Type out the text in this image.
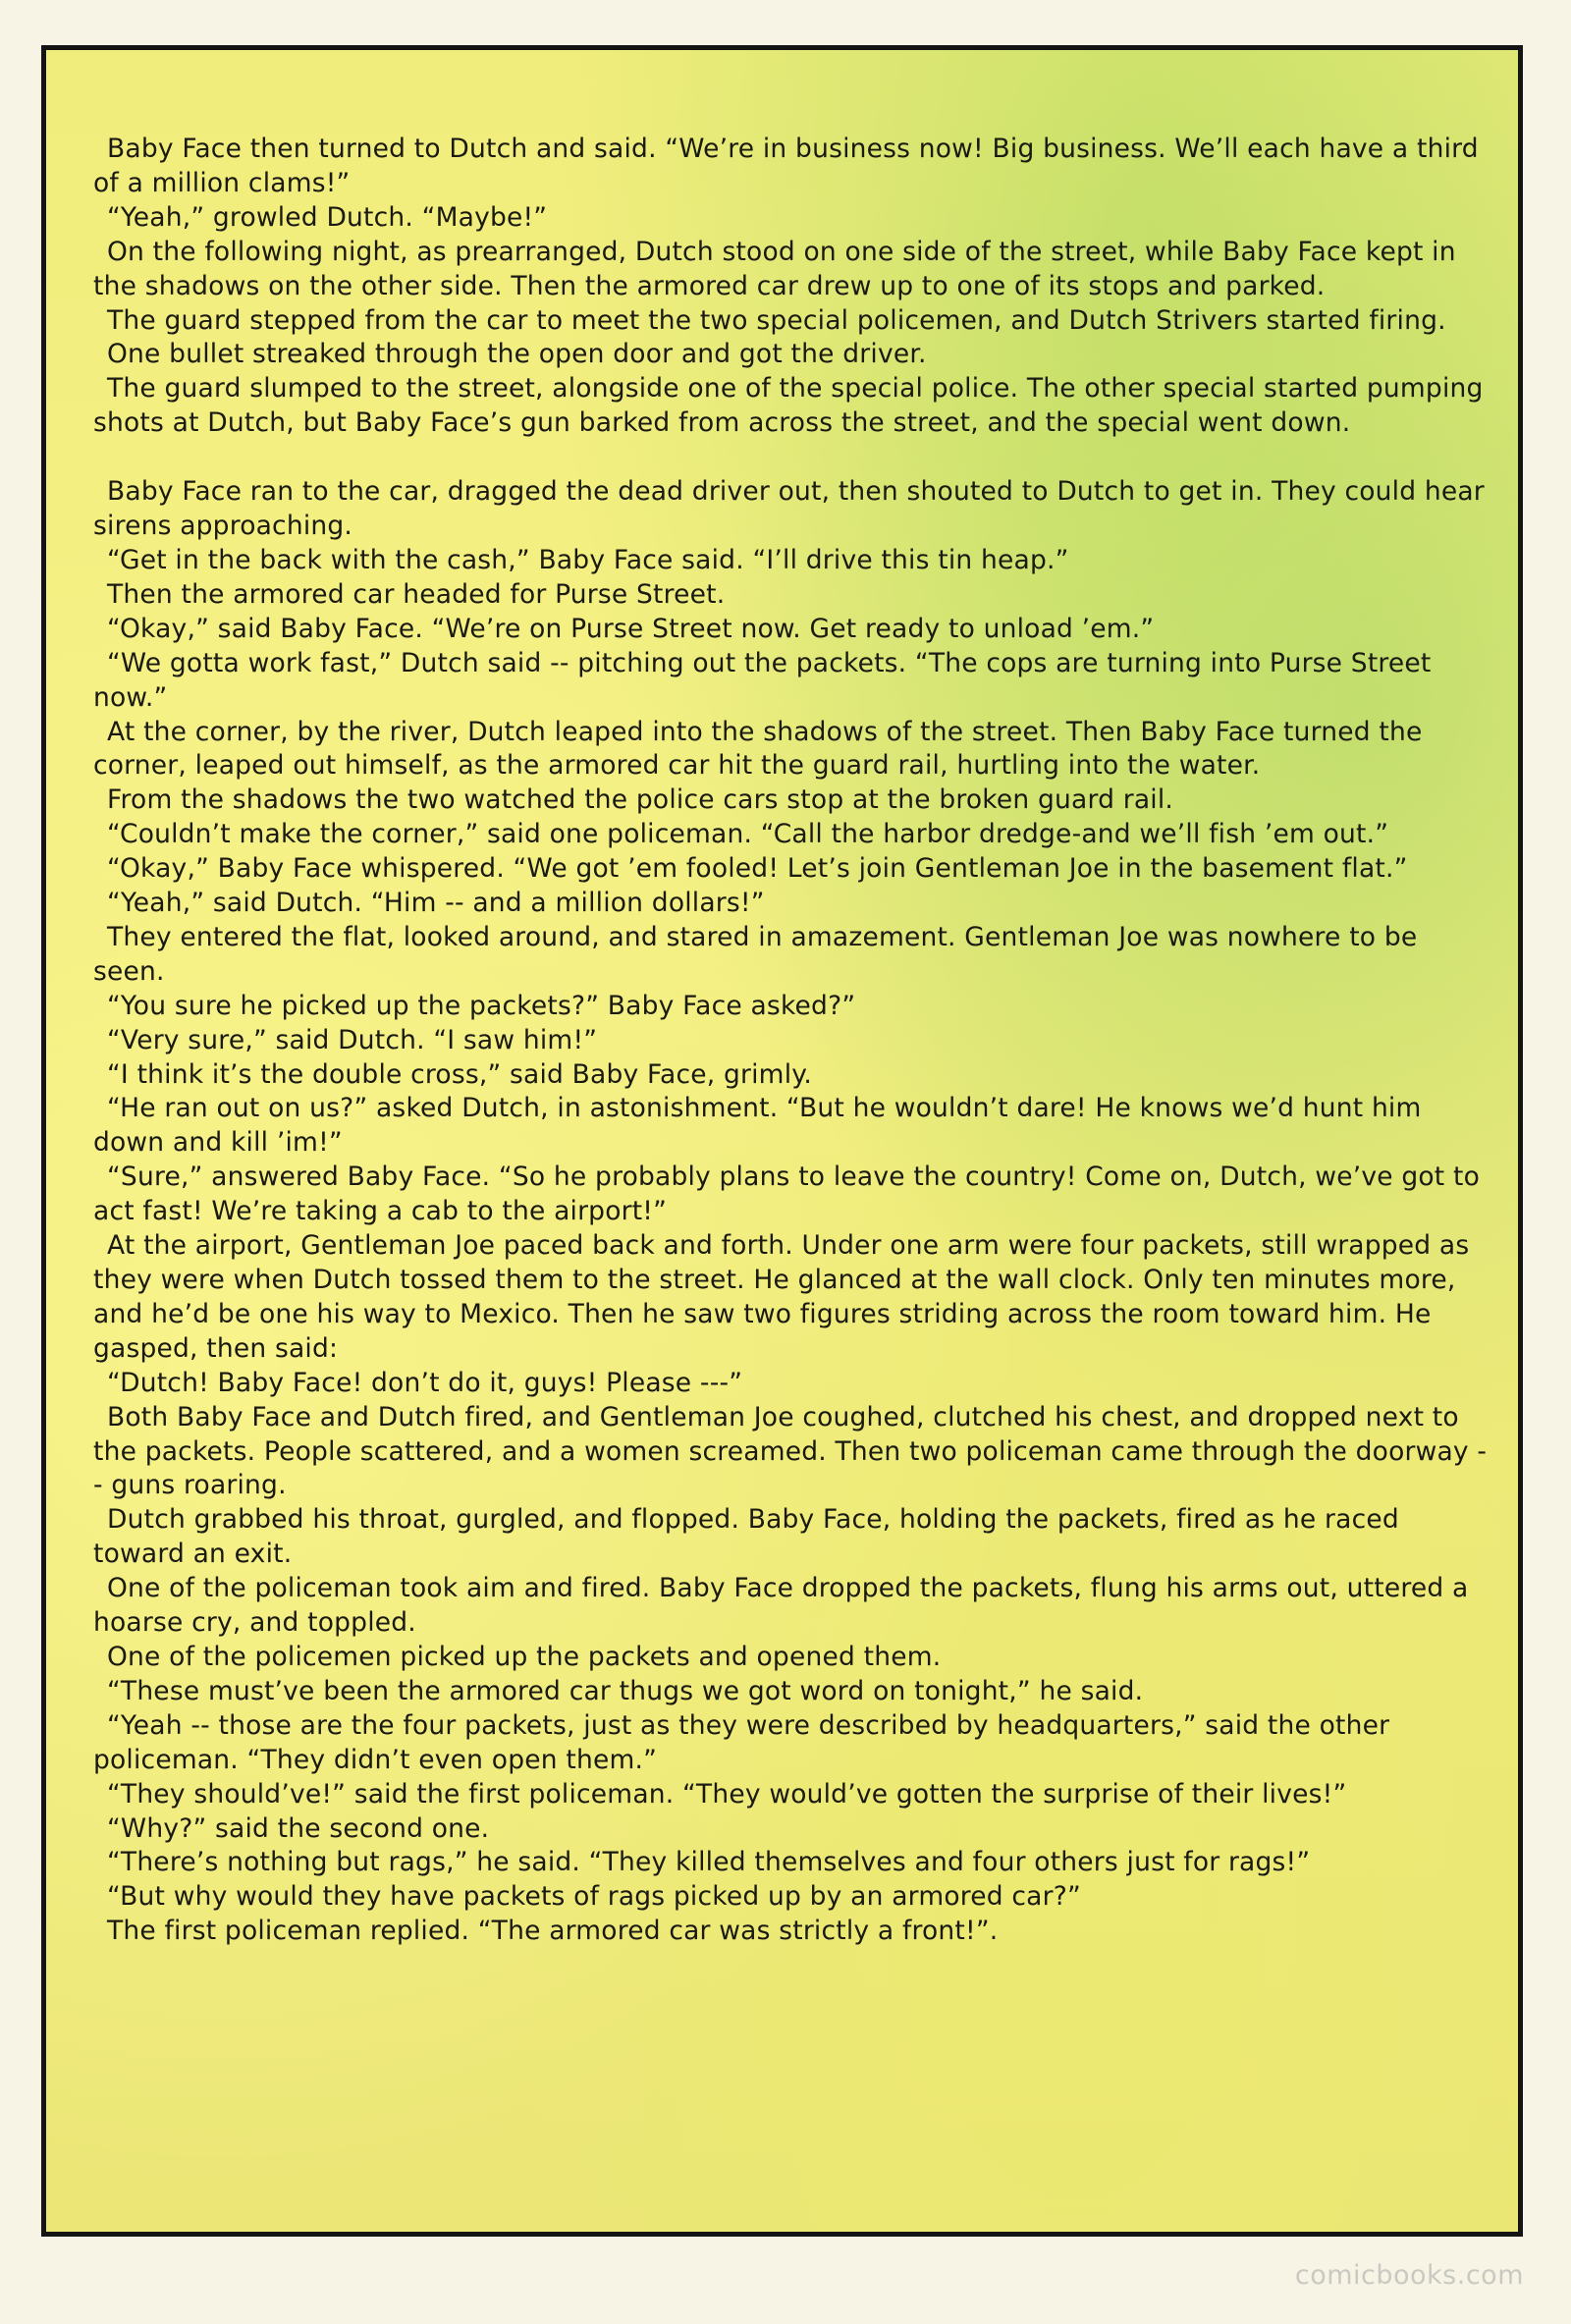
Baby Face then turned to Dutch and said. “We’re in business now! Big business. We’ll each have a third of a million clams!”

“Yeah,” growled Dutch. “Maybe!”

On the following night, as prearranged, Dutch stood on one side of the street, while Baby Face kept in the shadows on the other side. Then the armored car drew up to one of its stops and parked.

The guard stepped from the car to meet the two special policemen, and Dutch Strivers started firing.

One bullet streaked through the open door and got the driver.

The guard slumped to the street, alongside one of the special police. The other special started pumping shots at Dutch, but Baby Face’s gun barked from across the street, and the special went down.

Baby Face ran to the car, dragged the dead driver out, then shouted to Dutch to get in. They could hear sirens approaching.

“Get in the back with the cash,” Baby Face said. “I’ll drive this tin heap.”

Then the armored car headed for Purse Street.

“Okay,” said Baby Face. “We’re on Purse Street now. Get ready to unload ’em.”

“We gotta work fast,” Dutch said -- pitching out the packets. “The cops are turning into Purse Street now.”

At the corner, by the river, Dutch leaped into the shadows of the street. Then Baby Face turned the corner, leaped out himself, as the armored car hit the guard rail, hurtling into the water.

From the shadows the two watched the police cars stop at the broken guard rail.

“Couldn’t make the corner,” said one policeman. “Call the harbor dredge-and we’ll fish ’em out.”

“Okay,” Baby Face whispered. “We got ’em fooled! Let’s join Gentleman Joe in the basement flat.”

“Yeah,” said Dutch. “Him -- and a million dollars!”

They entered the flat, looked around, and stared in amazement. Gentleman Joe was nowhere to be seen.

“You sure he picked up the packets?” Baby Face asked?”

“Very sure,” said Dutch. “I saw him!”

“I think it’s the double cross,” said Baby Face, grimly.

“He ran out on us?” asked Dutch, in astonishment. “But he wouldn’t dare! He knows we’d hunt him down and kill ’im!”

“Sure,” answered Baby Face. “So he probably plans to leave the country! Come on, Dutch, we’ve got to act fast! We’re taking a cab to the airport!”

At the airport, Gentleman Joe paced back and forth. Under one arm were four packets, still wrapped as they were when Dutch tossed them to the street. He glanced at the wall clock. Only ten minutes more, and he’d be one his way to Mexico. Then he saw two figures striding across the room toward him. He gasped, then said:

“Dutch! Baby Face! don’t do it, guys! Please ---”

Both Baby Face and Dutch fired, and Gentleman Joe coughed, clutched his chest, and dropped next to the packets. People scattered, and a women screamed. Then two policeman came through the doorway -- guns roaring.

Dutch grabbed his throat, gurgled, and flopped. Baby Face, holding the packets, fired as he raced toward an exit.

One of the policeman took aim and fired. Baby Face dropped the packets, flung his arms out, uttered a hoarse cry, and toppled.

One of the policemen picked up the packets and opened them.

“These must’ve been the armored car thugs we got word on tonight,” he said.

“Yeah -- those are the four packets, just as they were described by headquarters,” said the other policeman. “They didn’t even open them.”

“They should’ve!” said the first policeman. “They would’ve gotten the surprise of their lives!”

“Why?” said the second one.

“There’s nothing but rags,” he said. “They killed themselves and four others just for rags!”

“But why would they have packets of rags picked up by an armored car?”

The first policeman replied. “The armored car was strictly a front!”.

comicbooks.com
